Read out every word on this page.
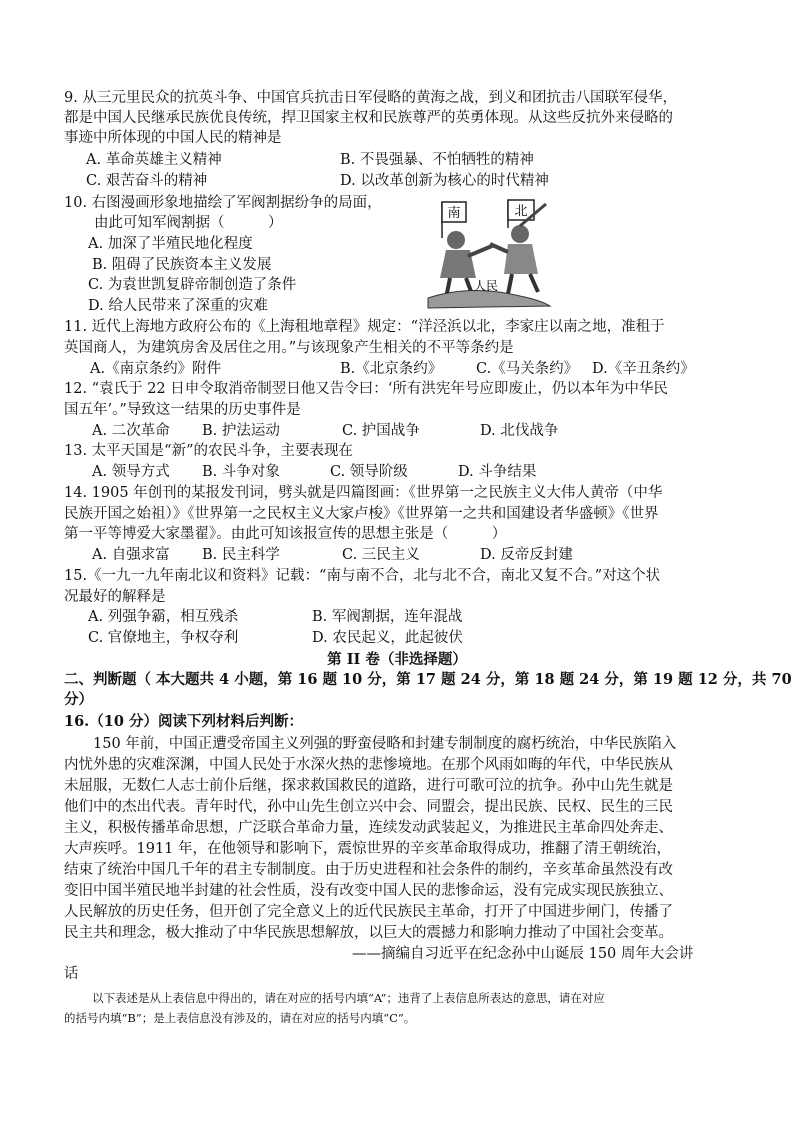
9. 从三元里民众的抗英斗争、中国官兵抗击日军侵略的黄海之战，到义和团抗击八国联军侵华，
都是中国人民继承民族优良传统，捍卫国家主权和民族尊严的英勇体现。从这些反抗外来侵略的
事迹中所体现的中国人民的精神是
A. 革命英雄主义精神	B. 不畏强暴、不怕牺牲的精神
C. 艰苦奋斗的精神	D. 以改革创新为核心的时代精神
10. 右图漫画形象地描绘了军阀割据纷争的局面，
由此可知军阀割据（　　　）
A. 加深了半殖民地化程度
B. 阻碍了民族资本主义发展
C. 为袁世凯复辟帝制创造了条件
D. 给人民带来了深重的灾难
南	北
人民
11. 近代上海地方政府公布的《上海租地章程》规定：“洋泾浜以北，李家庄以南之地，准租于
英国商人，为建筑房舍及居住之用。”与该现象产生相关的不平等条约是
A.《南京条约》附件	B.《北京条约》 C.《马关条约》 D.《辛丑条约》
12. “袁氏于 22 日申令取消帝制翌日他又告令曰：‘所有洪宪年号应即废止，仍以本年为中华民
国五年’。”导致这一结果的历史事件是
A. 二次革命 B. 护法运动	C. 护国战争	D. 北伐战争
13. 太平天国是“新”的农民斗争，主要表现在
A. 领导方式 B. 斗争对象	C. 领导阶级	D. 斗争结果
14. 1905 年创刊的某报发刊词，劈头就是四篇图画：《世界第一之民族主义大伟人黄帝（中华
民族开国之始祖）》《世界第一之民权主义大家卢梭》《世界第一之共和国建设者华盛顿》《世界
第一平等博爱大家墨翟》。由此可知该报宣传的思想主张是（　　　）
A. 自强求富 B. 民主科学	C. 三民主义	D. 反帝反封建
15.《一九一九年南北议和资料》记载：“南与南不合，北与北不合，南北又复不合。”对这个状
况最好的解释是
A. 列强争霸，相互残杀	B. 军阀割据，连年混战
C. 官僚地主，争权夺利	D. 农民起义，此起彼伏
第 II 卷（非选择题）
二、判断题（ 本大题共 4 小题，第 16 题 10 分，第 17 题 24 分，第 18 题 24 分，第 19 题 12 分，共 70
分）
16.（10 分）阅读下列材料后判断：
　　150 年前，中国正遭受帝国主义列强的野蛮侵略和封建专制制度的腐朽统治，中华民族陷入
内忧外患的灾难深渊，中国人民处于水深火热的悲惨境地。在那个风雨如晦的年代，中华民族从
未屈服，无数仁人志士前仆后继，探求救国救民的道路，进行可歌可泣的抗争。孙中山先生就是
他们中的杰出代表。青年时代，孙中山先生创立兴中会、同盟会，提出民族、民权、民生的三民
主义，积极传播革命思想，广泛联合革命力量，连续发动武装起义，为推进民主革命四处奔走、
大声疾呼。1911 年，在他领导和影响下，震惊世界的辛亥革命取得成功，推翻了清王朝统治，
结束了统治中国几千年的君主专制制度。由于历史进程和社会条件的制约，辛亥革命虽然没有改
变旧中国半殖民地半封建的社会性质，没有改变中国人民的悲惨命运，没有完成实现民族独立、
人民解放的历史任务，但开创了完全意义上的近代民族民主革命，打开了中国进步闸门，传播了
民主共和理念，极大推动了中华民族思想解放，以巨大的震撼力和影响力推动了中国社会变革。
——摘编自习近平在纪念孙中山诞辰 150 周年大会讲
话
以下表述是从上表信息中得出的，请在对应的括号内填“A”；违背了上表信息所表达的意思，请在对应
的括号内填“B”；是上表信息没有涉及的，请在对应的括号内填“C”。
